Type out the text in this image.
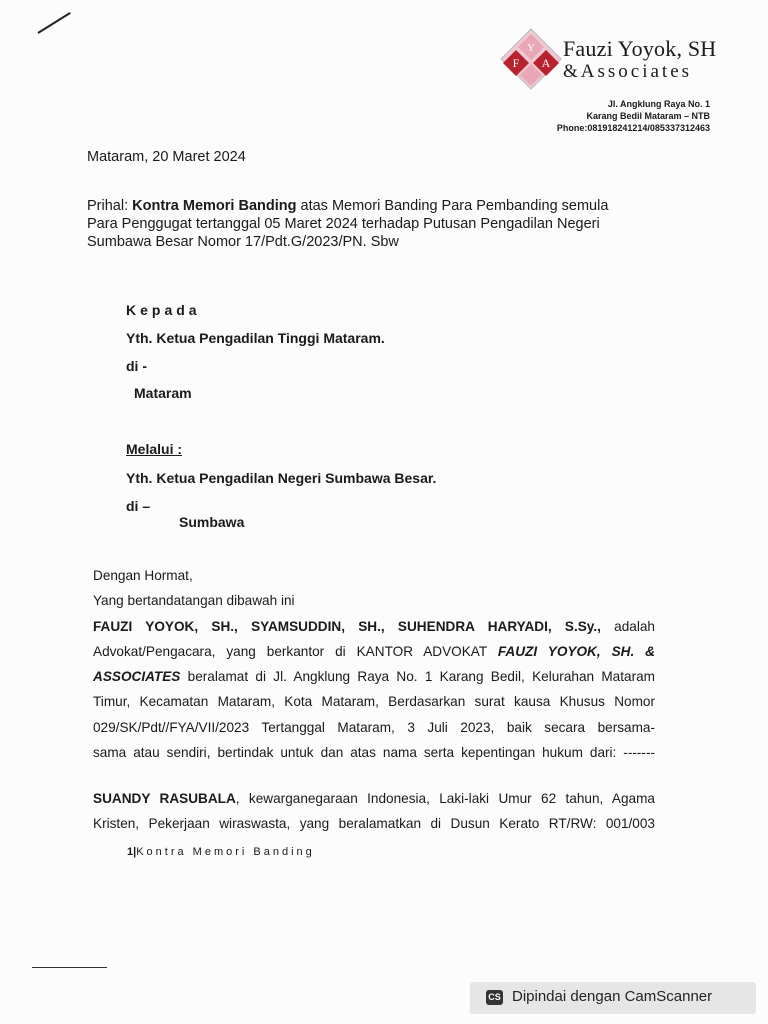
F
Y
A
Fauzi Yoyok, SH
&Associates
Jl. Angklung Raya No. 1
Karang Bedil Mataram – NTB
Phone:081918241214/085337312463
Mataram, 20 Maret 2024
Prihal: Kontra Memori Banding atas Memori Banding Para Pembanding semula
Para Penggugat tertanggal 05 Maret 2024 terhadap Putusan Pengadilan Negeri
Sumbawa Besar Nomor 17/Pdt.G/2023/PN. Sbw
Kepada
Yth. Ketua Pengadilan Tinggi Mataram.
di -
Mataram
Melalui :
Yth. Ketua Pengadilan Negeri Sumbawa Besar.
di –
Sumbawa
Dengan Hormat,
Yang bertandatangan dibawah ini
FAUZI YOYOK, SH., SYAMSUDDIN, SH., SUHENDRA HARYADI, S.Sy., adalah
Advokat/Pengacara, yang berkantor di KANTOR ADVOKAT FAUZI YOYOK, SH. &
ASSOCIATES beralamat di Jl. Angklung Raya No. 1 Karang Bedil, Kelurahan Mataram
Timur, Kecamatan Mataram, Kota Mataram, Berdasarkan surat kausa Khusus Nomor
029/SK/Pdt//FYA/VII/2023 Tertanggal Mataram, 3 Juli 2023, baik secara bersama-
sama atau sendiri, bertindak untuk dan atas nama serta kepentingan hukum dari: -------
SUANDY RASUBALA, kewarganegaraan Indonesia, Laki-laki Umur 62 tahun, Agama
Kristen, Pekerjaan wiraswasta, yang beralamatkan di Dusun Kerato RT/RW: 001/003
1|Kontra Memori Banding
CS Dipindai dengan CamScanner
